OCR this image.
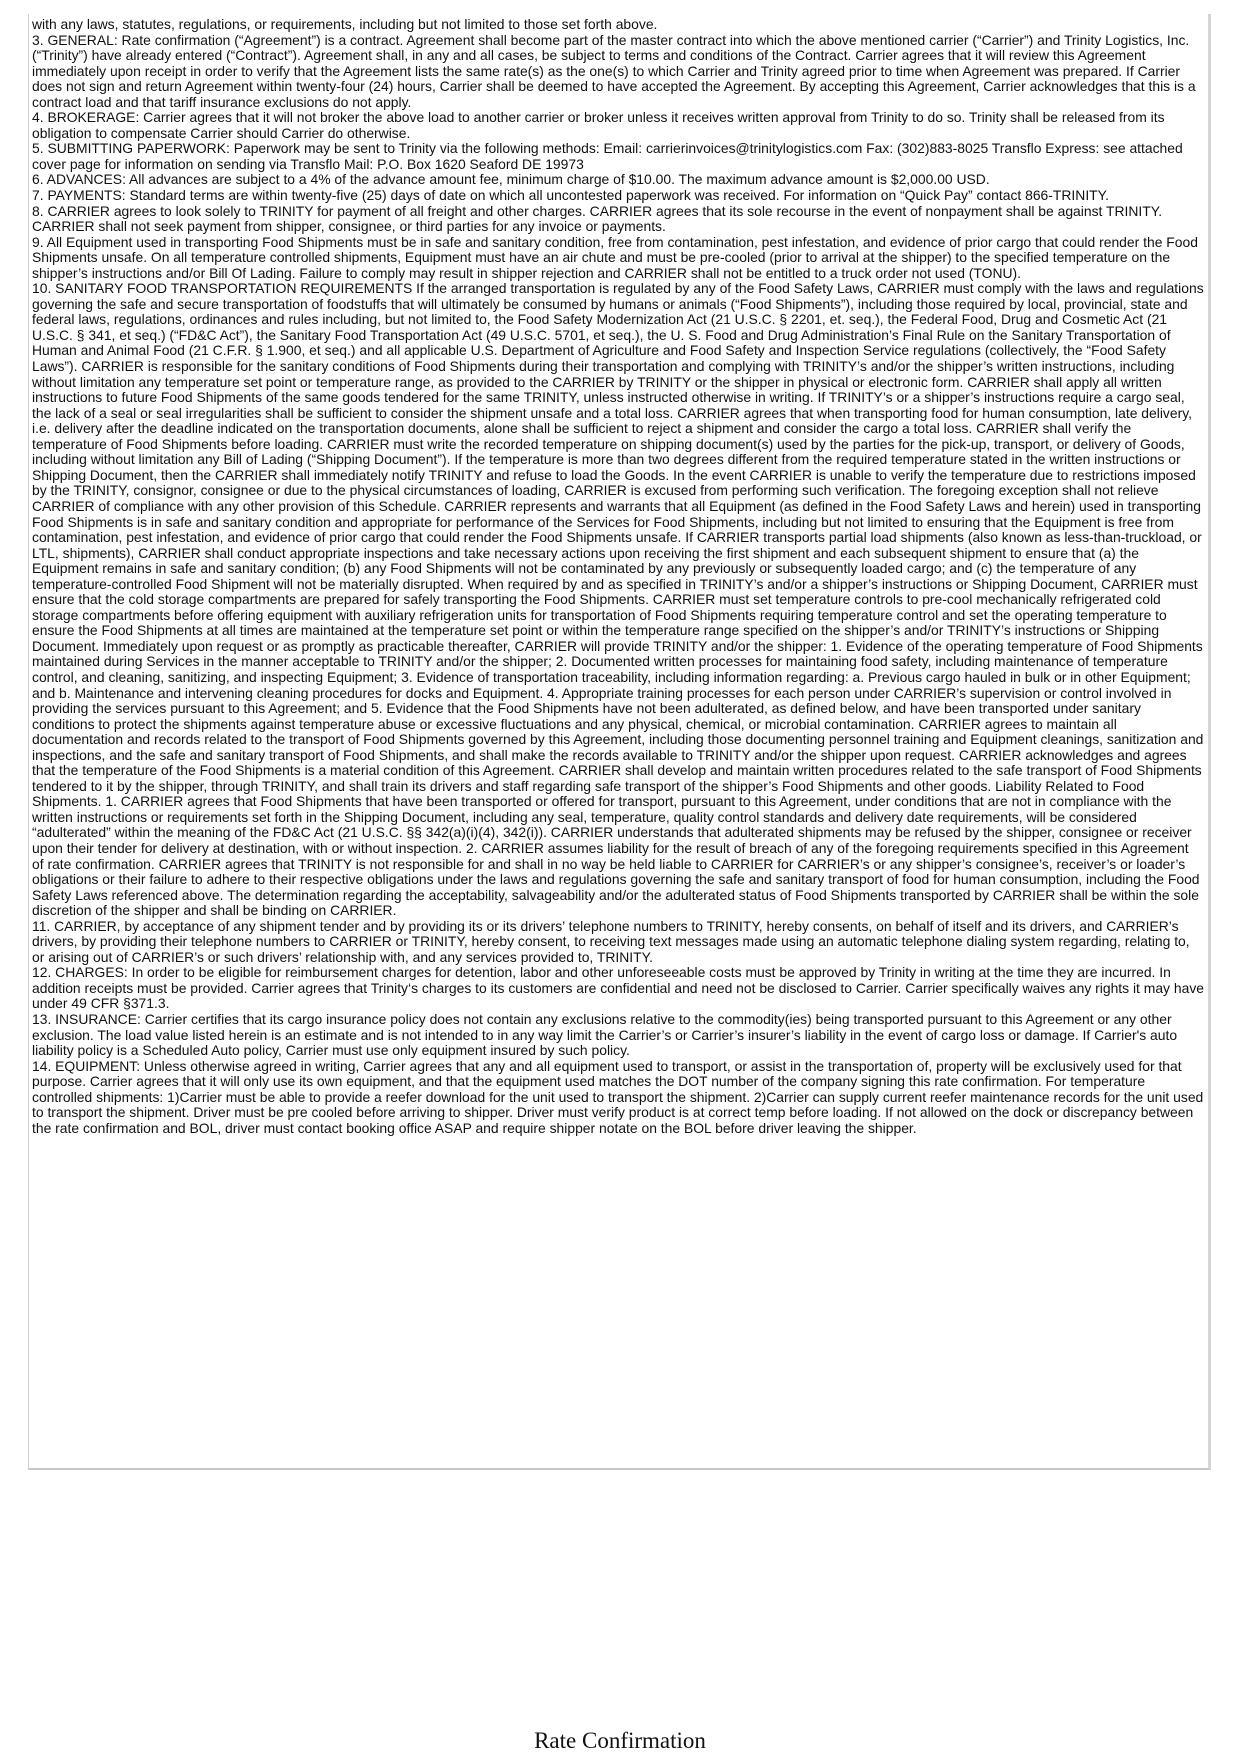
with any laws, statutes, regulations, or requirements, including but not limited to those set forth above.

3. GENERAL: Rate confirmation (“Agreement”) is a contract. Agreement shall become part of the master contract into which the above mentioned carrier (“Carrier”) and Trinity Logistics, Inc. (“Trinity”) have already entered (“Contract”). Agreement shall, in any and all cases, be subject to terms and conditions of the Contract. Carrier agrees that it will review this Agreement immediately upon receipt in order to verify that the Agreement lists the same rate(s) as the one(s) to which Carrier and Trinity agreed prior to time when Agreement was prepared. If Carrier does not sign and return Agreement within twenty-four (24) hours, Carrier shall be deemed to have accepted the Agreement. By accepting this Agreement, Carrier acknowledges that this is a contract load and that tariff insurance exclusions do not apply.

4. BROKERAGE: Carrier agrees that it will not broker the above load to another carrier or broker unless it receives written approval from Trinity to do so. Trinity shall be released from its obligation to compensate Carrier should Carrier do otherwise.

5. SUBMITTING PAPERWORK: Paperwork may be sent to Trinity via the following methods: Email: carrierinvoices@trinitylogistics.com Fax: (302)883-8025 Transflo Express: see attached cover page for information on sending via Transflo Mail: P.O. Box 1620 Seaford DE 19973

6. ADVANCES: All advances are subject to a 4% of the advance amount fee, minimum charge of $10.00. The maximum advance amount is $2,000.00 USD.

7. PAYMENTS: Standard terms are within twenty-five (25) days of date on which all uncontested paperwork was received. For information on “Quick Pay” contact 866-TRINITY.

8. CARRIER agrees to look solely to TRINITY for payment of all freight and other charges. CARRIER agrees that its sole recourse in the event of nonpayment shall be against TRINITY. CARRIER shall not seek payment from shipper, consignee, or third parties for any invoice or payments.

9. All Equipment used in transporting Food Shipments must be in safe and sanitary condition, free from contamination, pest infestation, and evidence of prior cargo that could render the Food Shipments unsafe. On all temperature controlled shipments, Equipment must have an air chute and must be pre-cooled (prior to arrival at the shipper) to the specified temperature on the shipper’s instructions and/or Bill Of Lading. Failure to comply may result in shipper rejection and CARRIER shall not be entitled to a truck order not used (TONU).

10. SANITARY FOOD TRANSPORTATION REQUIREMENTS If the arranged transportation is regulated by any of the Food Safety Laws, CARRIER must comply with the laws and regulations governing the safe and secure transportation of foodstuffs that will ultimately be consumed by humans or animals (“Food Shipments”), including those required by local, provincial, state and federal laws, regulations, ordinances and rules including, but not limited to, the Food Safety Modernization Act (21 U.S.C. § 2201, et. seq.), the Federal Food, Drug and Cosmetic Act (21 U.S.C. § 341, et seq.) (“FD&C Act”), the Sanitary Food Transportation Act (49 U.S.C. 5701, et seq.), the U. S. Food and Drug Administration’s Final Rule on the Sanitary Transportation of Human and Animal Food (21 C.F.R. § 1.900, et seq.) and all applicable U.S. Department of Agriculture and Food Safety and Inspection Service regulations (collectively, the “Food Safety Laws”). CARRIER is responsible for the sanitary conditions of Food Shipments during their transportation and complying with TRINITY’s and/or the shipper’s written instructions, including without limitation any temperature set point or temperature range, as provided to the CARRIER by TRINITY or the shipper in physical or electronic form. CARRIER shall apply all written instructions to future Food Shipments of the same goods tendered for the same TRINITY, unless instructed otherwise in writing. If TRINITY’s or a shipper’s instructions require a cargo seal, the lack of a seal or seal irregularities shall be sufficient to consider the shipment unsafe and a total loss. CARRIER agrees that when transporting food for human consumption, late delivery, i.e. delivery after the deadline indicated on the transportation documents, alone shall be sufficient to reject a shipment and consider the cargo a total loss. CARRIER shall verify the temperature of Food Shipments before loading. CARRIER must write the recorded temperature on shipping document(s) used by the parties for the pick-up, transport, or delivery of Goods, including without limitation any Bill of Lading (“Shipping Document”). If the temperature is more than two degrees different from the required temperature stated in the written instructions or Shipping Document, then the CARRIER shall immediately notify TRINITY and refuse to load the Goods. In the event CARRIER is unable to verify the temperature due to restrictions imposed by the TRINITY, consignor, consignee or due to the physical circumstances of loading, CARRIER is excused from performing such verification. The foregoing exception shall not relieve CARRIER of compliance with any other provision of this Schedule. CARRIER represents and warrants that all Equipment (as defined in the Food Safety Laws and herein) used in transporting Food Shipments is in safe and sanitary condition and appropriate for performance of the Services for Food Shipments, including but not limited to ensuring that the Equipment is free from contamination, pest infestation, and evidence of prior cargo that could render the Food Shipments unsafe. If CARRIER transports partial load shipments (also known as less-than-truckload, or LTL, shipments), CARRIER shall conduct appropriate inspections and take necessary actions upon receiving the first shipment and each subsequent shipment to ensure that (a) the Equipment remains in safe and sanitary condition; (b) any Food Shipments will not be contaminated by any previously or subsequently loaded cargo; and (c) the temperature of any temperature-controlled Food Shipment will not be materially disrupted. When required by and as specified in TRINITY’s and/or a shipper’s instructions or Shipping Document, CARRIER must ensure that the cold storage compartments are prepared for safely transporting the Food Shipments. CARRIER must set temperature controls to pre-cool mechanically refrigerated cold storage compartments before offering equipment with auxiliary refrigeration units for transportation of Food Shipments requiring temperature control and set the operating temperature to ensure the Food Shipments at all times are maintained at the temperature set point or within the temperature range specified on the shipper’s and/or TRINITY’s instructions or Shipping Document. Immediately upon request or as promptly as practicable thereafter, CARRIER will provide TRINITY and/or the shipper: 1. Evidence of the operating temperature of Food Shipments maintained during Services in the manner acceptable to TRINITY and/or the shipper; 2. Documented written processes for maintaining food safety, including maintenance of temperature control, and cleaning, sanitizing, and inspecting Equipment; 3. Evidence of transportation traceability, including information regarding: a. Previous cargo hauled in bulk or in other Equipment; and b. Maintenance and intervening cleaning procedures for docks and Equipment. 4. Appropriate training processes for each person under CARRIER’s supervision or control involved in providing the services pursuant to this Agreement; and 5. Evidence that the Food Shipments have not been adulterated, as defined below, and have been transported under sanitary conditions to protect the shipments against temperature abuse or excessive fluctuations and any physical, chemical, or microbial contamination. CARRIER agrees to maintain all documentation and records related to the transport of Food Shipments governed by this Agreement, including those documenting personnel training and Equipment cleanings, sanitization and inspections, and the safe and sanitary transport of Food Shipments, and shall make the records available to TRINITY and/or the shipper upon request. CARRIER acknowledges and agrees that the temperature of the Food Shipments is a material condition of this Agreement. CARRIER shall develop and maintain written procedures related to the safe transport of Food Shipments tendered to it by the shipper, through TRINITY, and shall train its drivers and staff regarding safe transport of the shipper’s Food Shipments and other goods. Liability Related to Food Shipments. 1. CARRIER agrees that Food Shipments that have been transported or offered for transport, pursuant to this Agreement, under conditions that are not in compliance with the written instructions or requirements set forth in the Shipping Document, including any seal, temperature, quality control standards and delivery date requirements, will be considered “adulterated” within the meaning of the FD&C Act (21 U.S.C. §§ 342(a)(i)(4), 342(i)). CARRIER understands that adulterated shipments may be refused by the shipper, consignee or receiver upon their tender for delivery at destination, with or without inspection. 2. CARRIER assumes liability for the result of breach of any of the foregoing requirements specified in this Agreement of rate confirmation. CARRIER agrees that TRINITY is not responsible for and shall in no way be held liable to CARRIER for CARRIER’s or any shipper’s consignee’s, receiver’s or loader’s obligations or their failure to adhere to their respective obligations under the laws and regulations governing the safe and sanitary transport of food for human consumption, including the Food Safety Laws referenced above. The determination regarding the acceptability, salvageability and/or the adulterated status of Food Shipments transported by CARRIER shall be within the sole discretion of the shipper and shall be binding on CARRIER.

11. CARRIER, by acceptance of any shipment tender and by providing its or its drivers’ telephone numbers to TRINITY, hereby consents, on behalf of itself and its drivers, and CARRIER’s drivers, by providing their telephone numbers to CARRIER or TRINITY, hereby consent, to receiving text messages made using an automatic telephone dialing system regarding, relating to, or arising out of CARRIER’s or such drivers’ relationship with, and any services provided to, TRINITY.

12. CHARGES: In order to be eligible for reimbursement charges for detention, labor and other unforeseeable costs must be approved by Trinity in writing at the time they are incurred. In addition receipts must be provided. Carrier agrees that Trinity‘s charges to its customers are confidential and need not be disclosed to Carrier. Carrier specifically waives any rights it may have under 49 CFR §371.3.

13. INSURANCE: Carrier certifies that its cargo insurance policy does not contain any exclusions relative to the commodity(ies) being transported pursuant to this Agreement or any other exclusion. The load value listed herein is an estimate and is not intended to in any way limit the Carrier’s or Carrier’s insurer’s liability in the event of cargo loss or damage. If Carrier's auto liability policy is a Scheduled Auto policy, Carrier must use only equipment insured by such policy.

14. EQUIPMENT: Unless otherwise agreed in writing, Carrier agrees that any and all equipment used to transport, or assist in the transportation of, property will be exclusively used for that purpose. Carrier agrees that it will only use its own equipment, and that the equipment used matches the DOT number of the company signing this rate confirmation. For temperature controlled shipments: 1)Carrier must be able to provide a reefer download for the unit used to transport the shipment. 2)Carrier can supply current reefer maintenance records for the unit used to transport the shipment. Driver must be pre cooled before arriving to shipper. Driver must verify product is at correct temp before loading. If not allowed on the dock or discrepancy between the rate confirmation and BOL, driver must contact booking office ASAP and require shipper notate on the BOL before driver leaving the shipper.

Rate Confirmation
